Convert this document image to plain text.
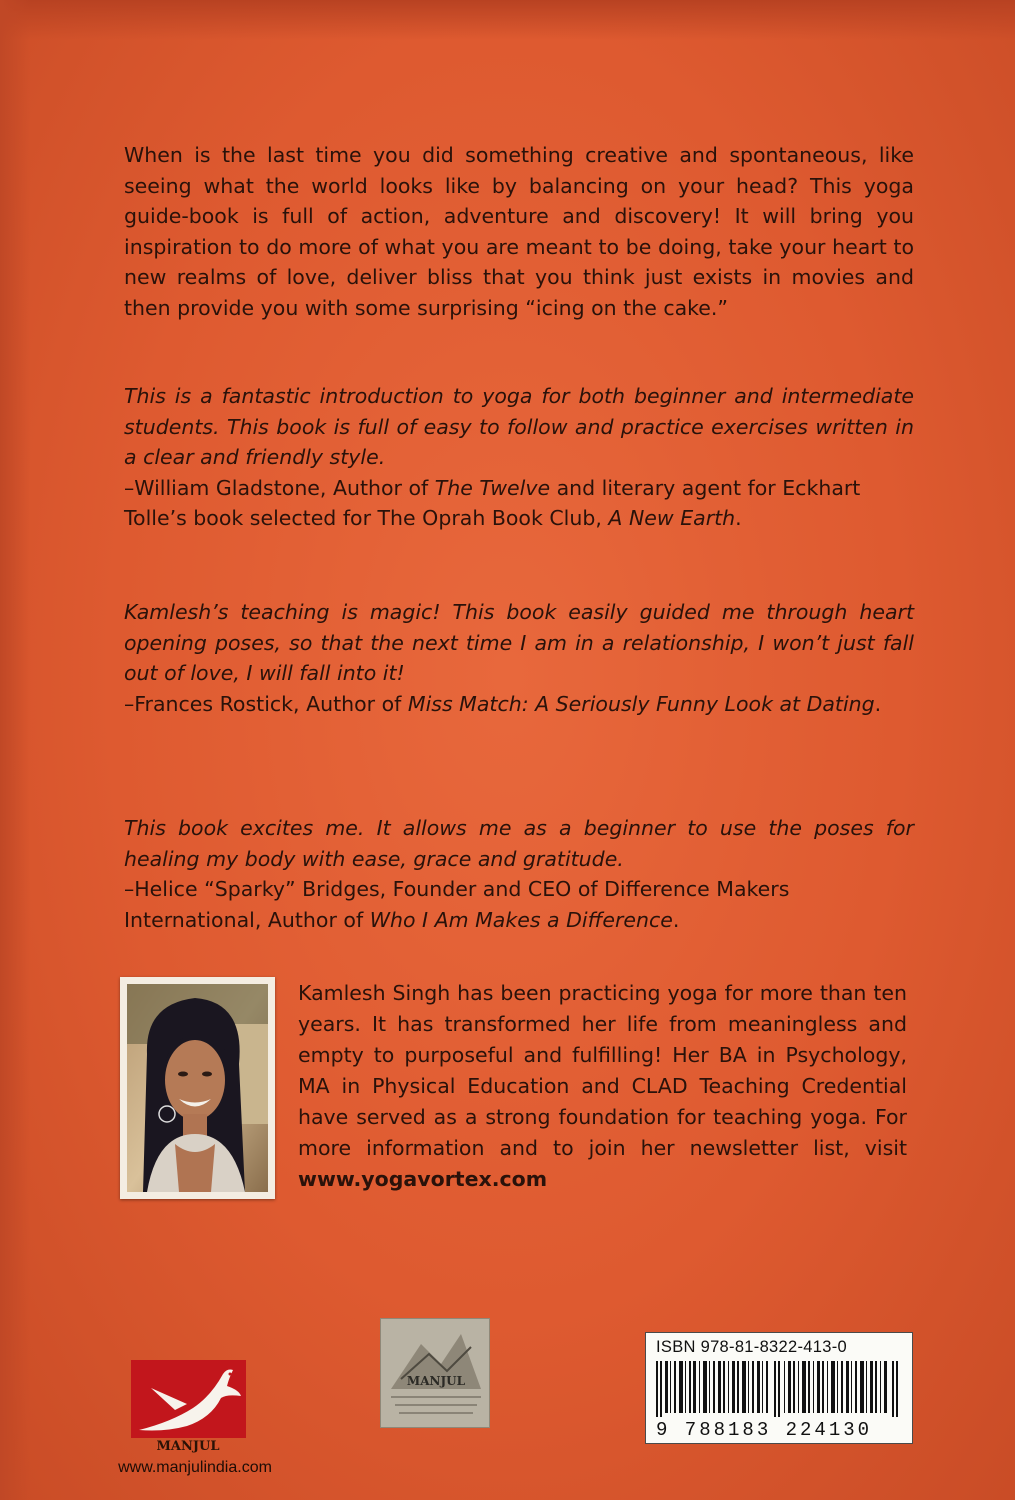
When is the last time you did something creative and spontaneous, like seeing what the world looks like by balancing on your head? This yoga guide-book is full of action, adventure and discovery! It will bring you inspiration to do more of what you are meant to be doing, take your heart to new realms of love, deliver bliss that you think just exists in movies and then provide you with some surprising “icing on the cake.”

This is a fantastic introduction to yoga for both beginner and intermediate students. This book is full of easy to follow and practice exercises written in a clear and friendly style.

–William Gladstone, Author of The Twelve and literary agent for Eckhart Tolle’s book selected for The Oprah Book Club, A New Earth.

Kamlesh’s teaching is magic! This book easily guided me through heart opening poses, so that the next time I am in a relationship, I won’t just fall out of love, I will fall into it!

–Frances Rostick, Author of Miss Match: A Seriously Funny Look at Dating.

This book excites me. It allows me as a beginner to use the poses for healing my body with ease, grace and gratitude.

–Helice “Sparky” Bridges, Founder and CEO of Difference Makers International, Author of Who I Am Makes a Difference.

Kamlesh Singh has been practicing yoga for more than ten years. It has transformed her life from meaningless and empty to purposeful and fulfilling! Her BA in Psychology, MA in Physical Education and CLAD Teaching Credential have served as a strong foundation for teaching yoga. For more information and to join her newsletter list, visit www.yogavortex.com

MANJUL
MANJUL
www.manjulindia.com
ISBN 978-81-8322-413-0
9 788183 224130
